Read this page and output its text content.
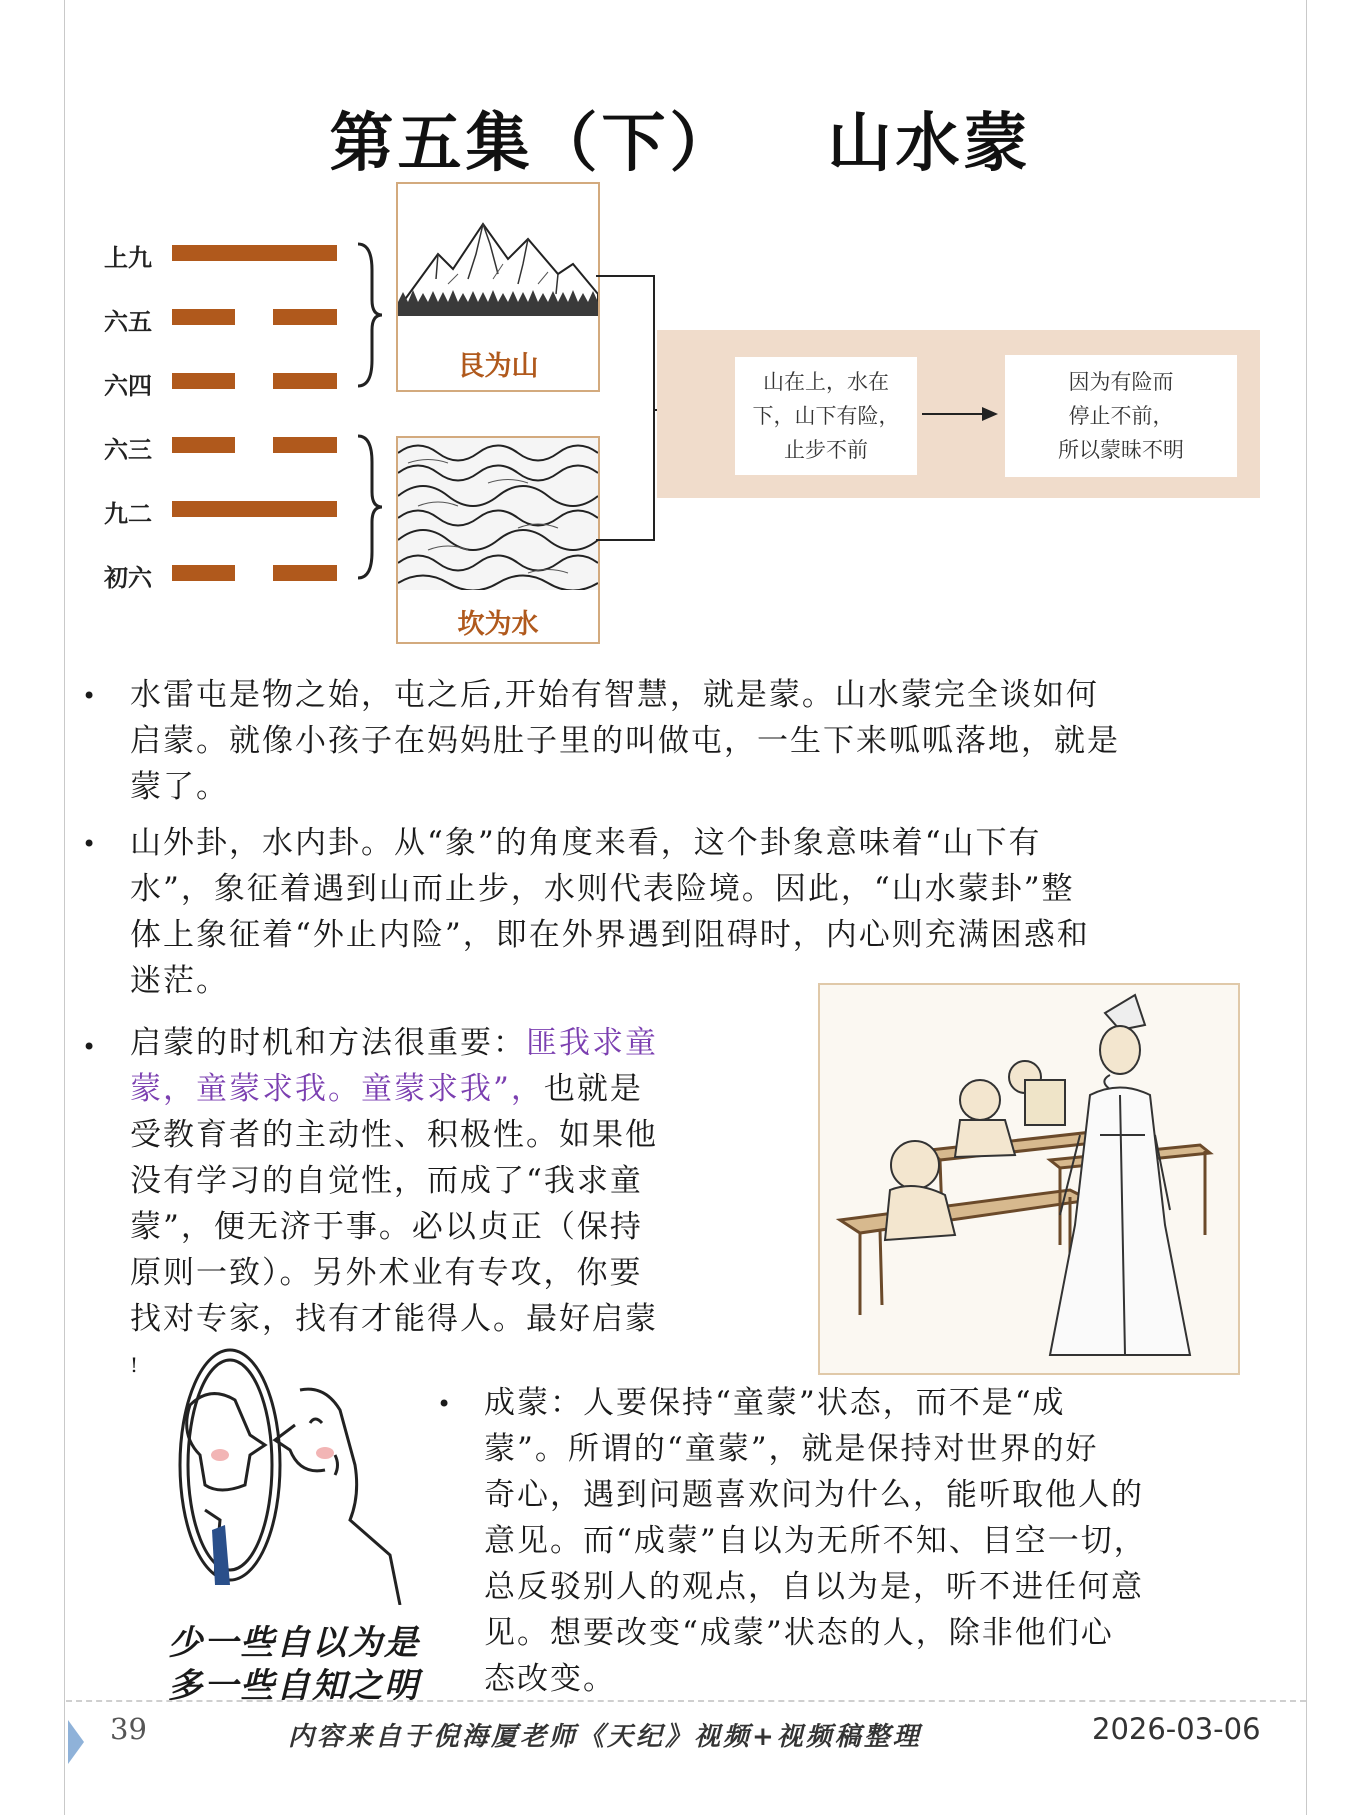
第五集（下） 山水蒙
上九
六五
六四
六三
九二
初六
艮为山
坎为水
山在上，水在
下，山下有险，
止步不前
因为有险而
停止不前，
所以蒙昧不明
• 水雷屯是物之始，屯之后,开始有智慧，就是蒙。山水蒙完全谈如何
启蒙。就像小孩子在妈妈肚子里的叫做屯，一生下来呱呱落地，就是
蒙了。
• 山外卦，水内卦。从“象”的角度来看，这个卦象意味着“山下有
水”，象征着遇到山而止步，水则代表险境。因此，“山水蒙卦”整
体上象征着“外止内险”，即在外界遇到阻碍时，内心则充满困惑和
迷茫。
• 启蒙的时机和方法很重要：匪我求童
蒙，童蒙求我。童蒙求我”，也就是
受教育者的主动性、积极性。如果他
没有学习的自觉性，而成了“我求童
蒙”，便无济于事。必以贞正（保持
原则一致）。另外术业有专攻，你要
找对专家，找有才能得人。最好启蒙
!
少一些自以为是
多一些自知之明
• 成蒙：人要保持“童蒙”状态，而不是“成
蒙”。所谓的“童蒙”，就是保持对世界的好
奇心，遇到问题喜欢问为什么，能听取他人的
意见。而“成蒙”自以为无所不知、目空一切，
总反驳别人的观点，自以为是，听不进任何意
见。想要改变“成蒙”状态的人，除非他们心
态改变。
39	内容来自于倪海厦老师《天纪》视频+视频稿整理	2026-03-06
